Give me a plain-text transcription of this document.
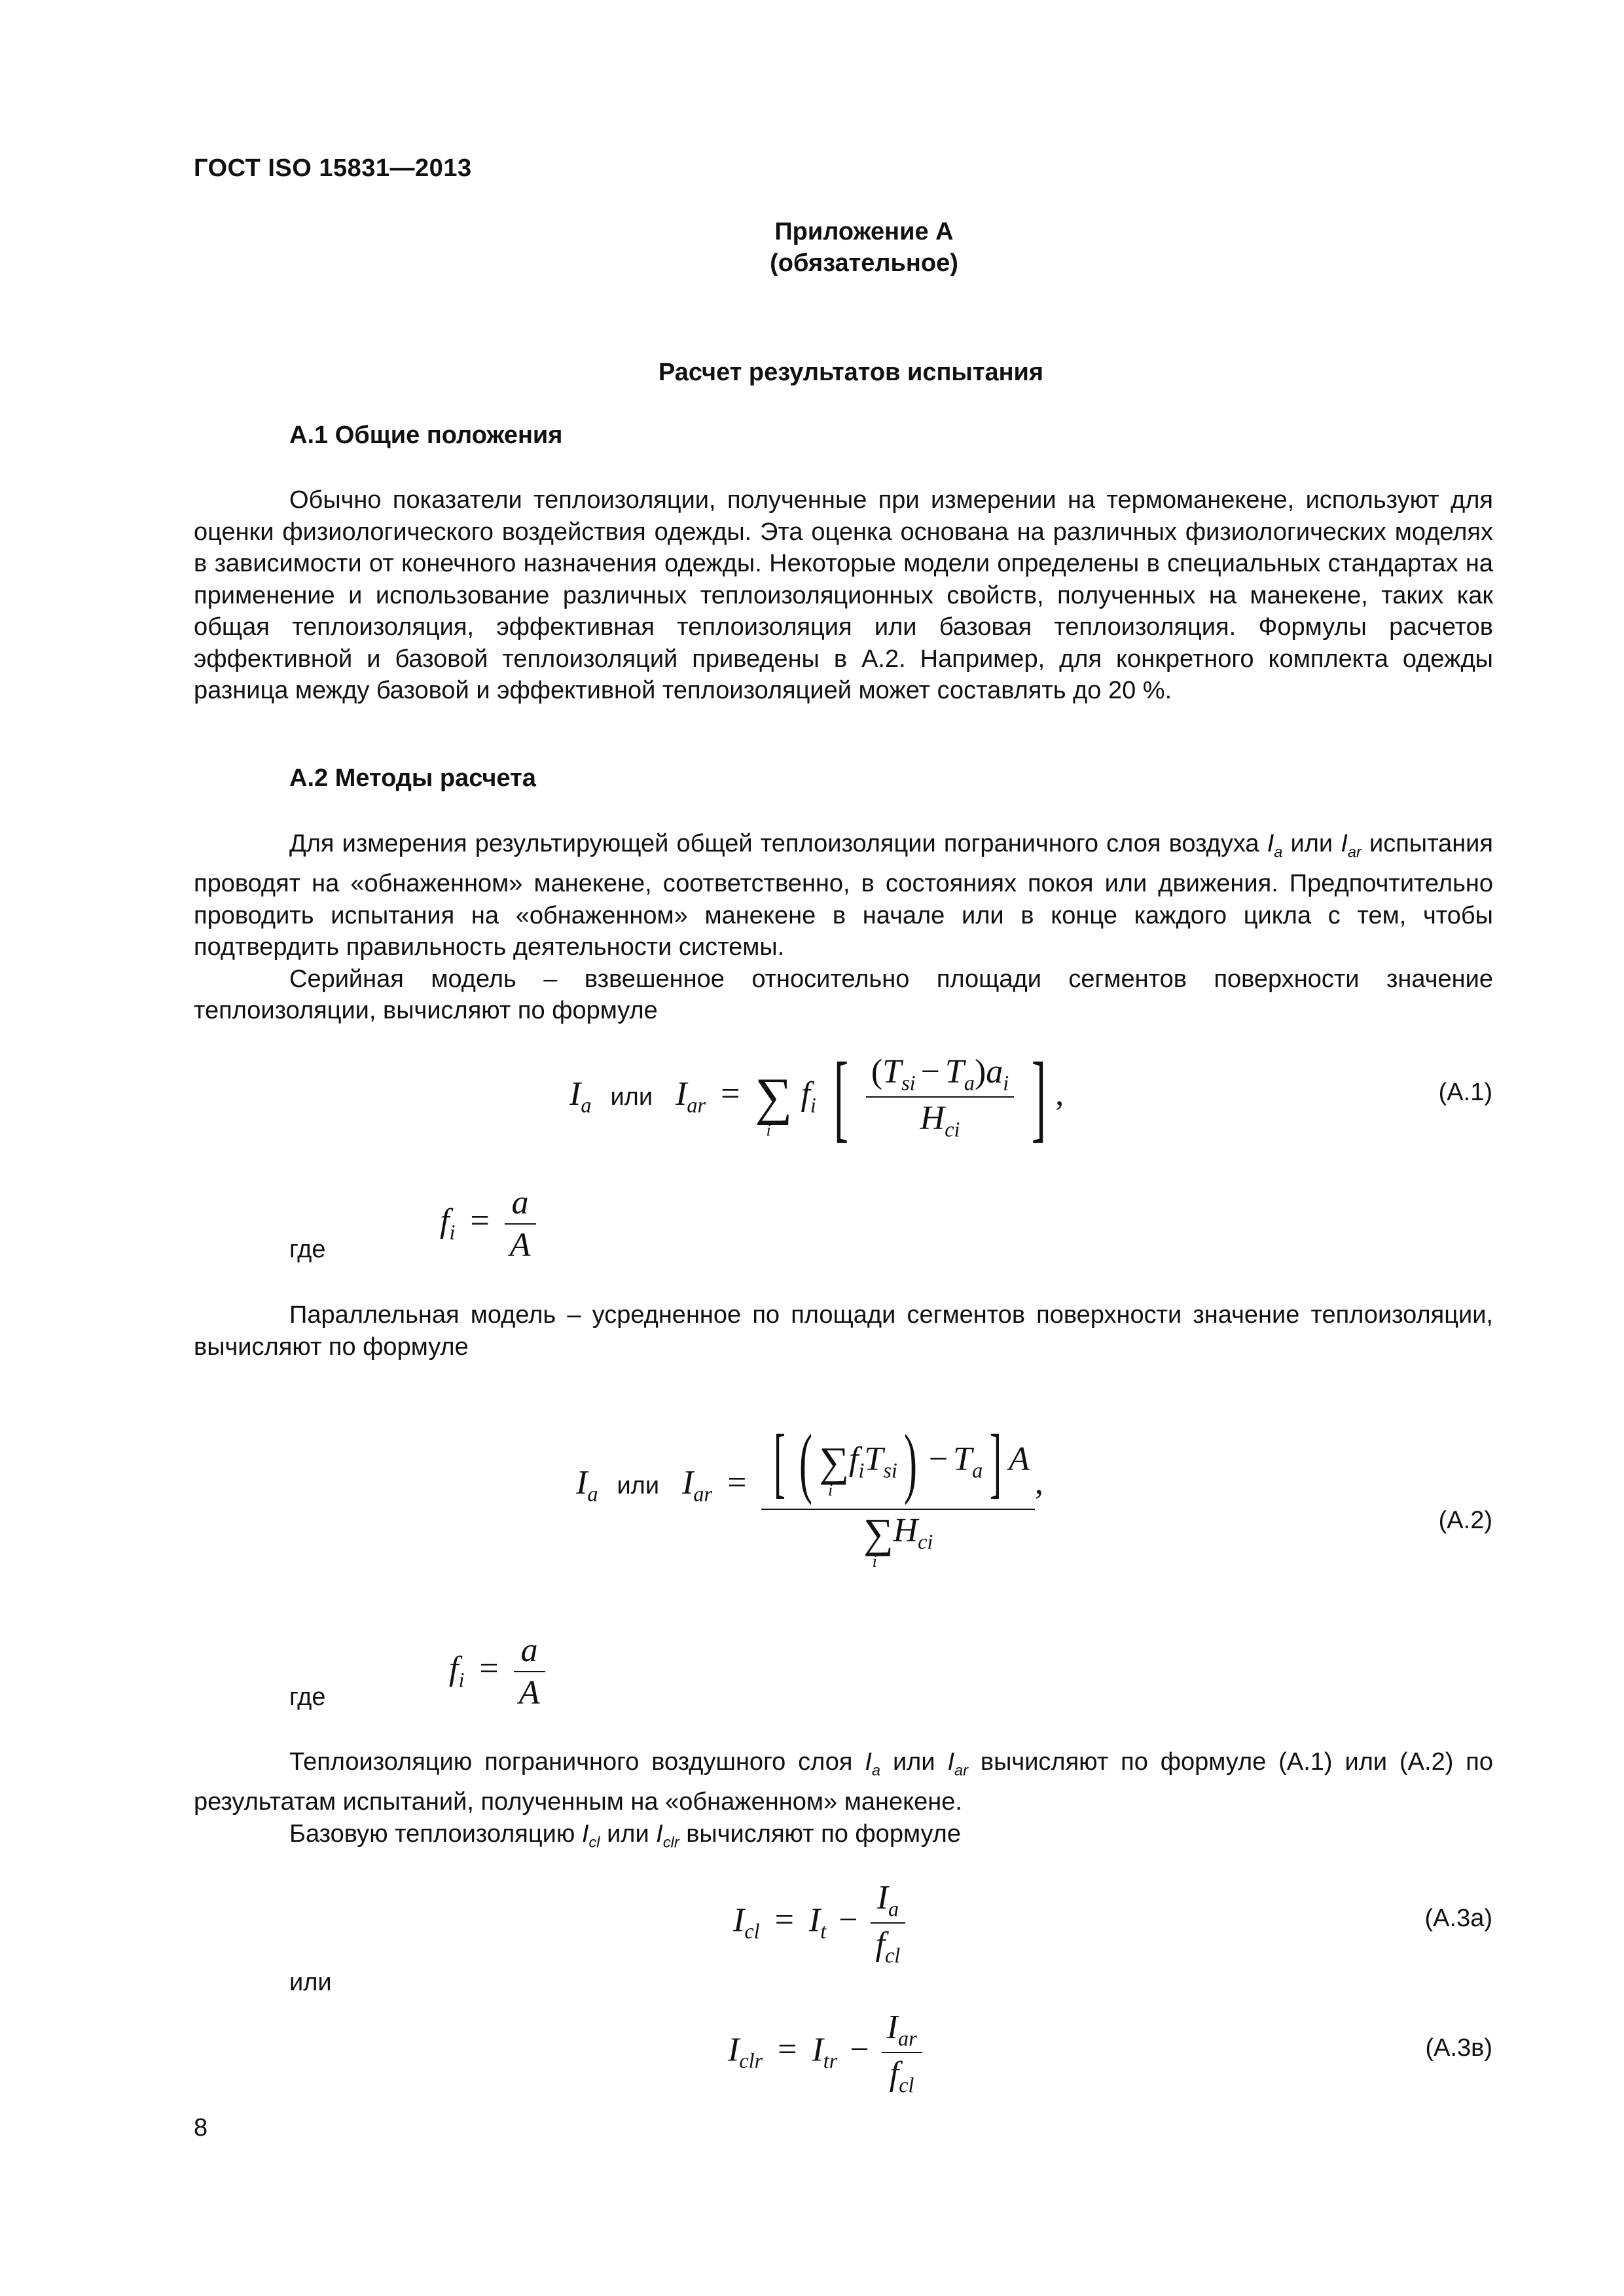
ГОСТ ISO 15831—2013
Приложение А
(обязательное)
Расчет результатов испытания
А.1 Общие положения

Обычно показатели теплоизоляции, полученные при измерении на термоманекене, используют для оценки физиологического воздействия одежды. Эта оценка основана на различных физиологических моделях в зависимости от конечного назначения одежды. Некоторые модели определены в специальных стандартах на применение и использование различных теплоизоляционных свойств, полученных на манекене, таких как общая теплоизоляция, эффективная теплоизоляция или базовая теплоизоляция. Формулы расчетов эффективной и базовой теплоизоляций приведены в А.2. Например, для конкретного комплекта одежды разница между базовой и эффективной теплоизоляцией может составлять до 20 %.

А.2 Методы расчета

Для измерения результирующей общей теплоизоляции пограничного слоя воздуха $I_a$ или $I_{ar}$ испытания проводят на «обнаженном» манекене, соответственно, в состояниях покоя или движения. Предпочтительно проводить испытания на «обнаженном» манекене в начале или в конце каждого цикла с тем, чтобы подтвердить правильность деятельности системы.

Серийная модель – взвешенное относительно площади сегментов поверхности значение теплоизоляции, вычисляют по формуле

$I_a$ или $I_{ar}$ = ∑
i
$f_i$ [ $\frac{(T_{si} - T_a)a_i}{H_{ci}}$ ] ,	(А.1)
где
$f_i = \frac{a}{A}$

Параллельная модель – усредненное по площади сегментов поверхности значение теплоизоляции, вычисляют по формуле

$I_a$ или $I_{ar}$ = [ ( ∑
i
$f_iT_{si}) - T_a$] A
∑
i
$H_{ci}$ ,
(А.2)
где
$f_i = \frac{a}{A}$

Теплоизоляцию пограничного воздушного слоя $I_a$ или $I_{ar}$ вычисляют по формуле (А.1) или (А.2) по результатам испытаний, полученным на «обнаженном» манекене.

Базовую теплоизоляцию $I_{cl}$ или $I_{clr}$ вычисляют по формуле

$I_{cl} = I_t - \frac{I_a}{f_{cl}}$	(А.3а)
или
$I_{clr} = I_{tr} - \frac{I_{ar}}{f_{cl}}$	(А.3в)
8
